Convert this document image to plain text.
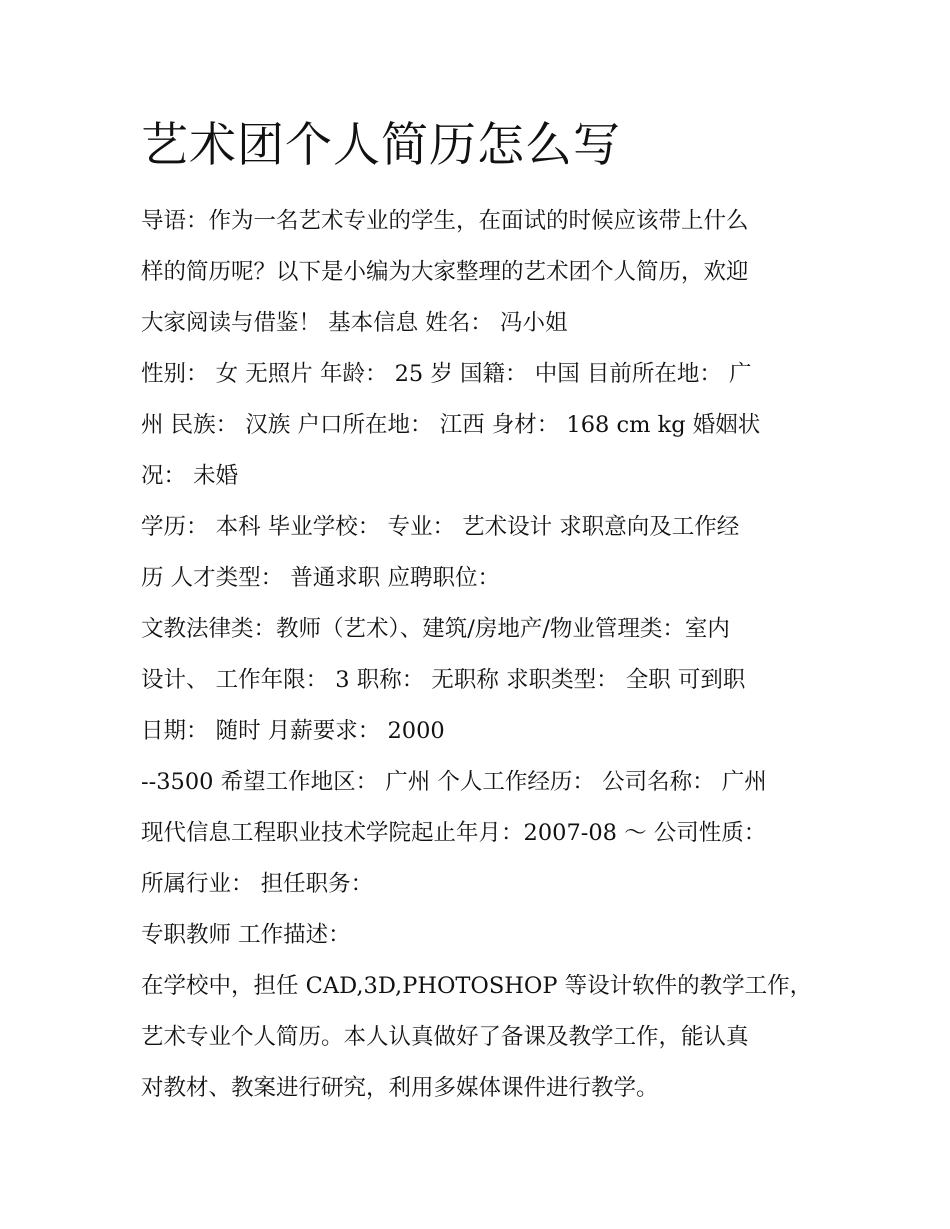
艺术团个人简历怎么写

导语：作为一名艺术专业的学生，在面试的时候应该带上什么

样的简历呢？以下是小编为大家整理的艺术团个人简历，欢迎

大家阅读与借鉴！ 基本信息 姓名： 冯小姐

性别： 女 无照片 年龄： 25 岁 国籍： 中国 目前所在地： 广

州 民族： 汉族 户口所在地： 江西 身材： 168 cm kg 婚姻状

况： 未婚

学历： 本科 毕业学校： 专业： 艺术设计 求职意向及工作经

历 人才类型： 普通求职 应聘职位：

文教法律类：教师（艺术）、建筑/房地产/物业管理类：室内

设计、 工作年限： 3 职称： 无职称 求职类型： 全职 可到职

日期： 随时 月薪要求： 2000

--3500 希望工作地区： 广州 个人工作经历： 公司名称： 广州

现代信息工程职业技术学院起止年月：2007-08 ～ 公司性质：

所属行业： 担任职务：

专职教师 工作描述：

在学校中，担任 CAD,3D,PHOTOSHOP 等设计软件的教学工作，

艺术专业个人简历。本人认真做好了备课及教学工作，能认真

对教材、教案进行研究，利用多媒体课件进行教学。
